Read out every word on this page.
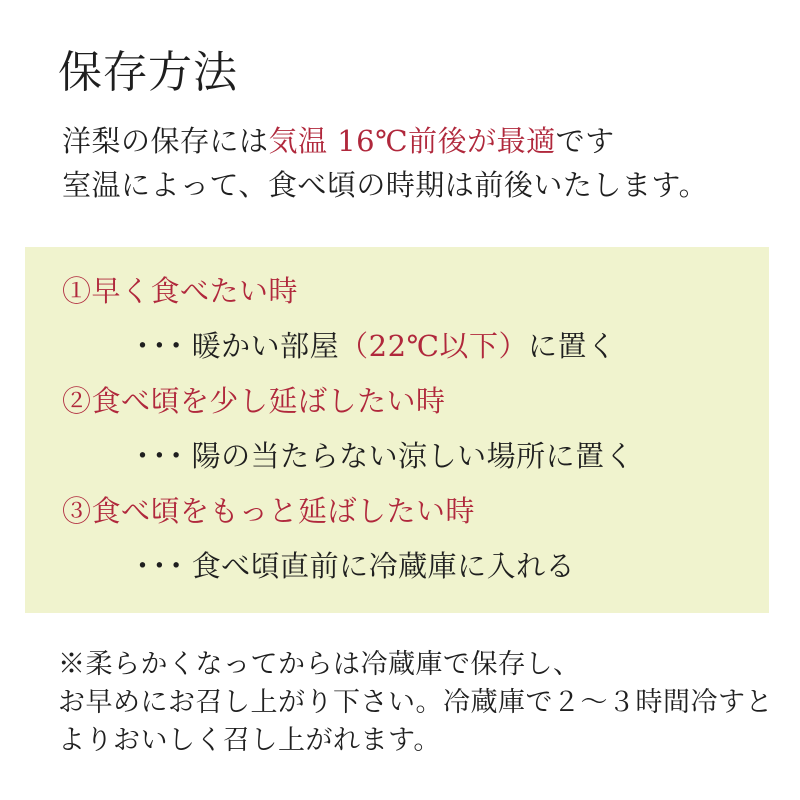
保存方法

洋梨の保存には気温 16℃前後が最適です
室温によって、食べ頃の時期は前後いたします。

①早く食べたい時
・・・ 暖かい部屋（22℃以下）に置く
②食べ頃を少し延ばしたい時
・・・ 陽の当たらない涼しい場所に置く
③食べ頃をもっと延ばしたい時
・・・ 食べ頃直前に冷蔵庫に入れる

※柔らかくなってからは冷蔵庫で保存し、
お早めにお召し上がり下さい。冷蔵庫で２～３時間冷すと
よりおいしく召し上がれます。
